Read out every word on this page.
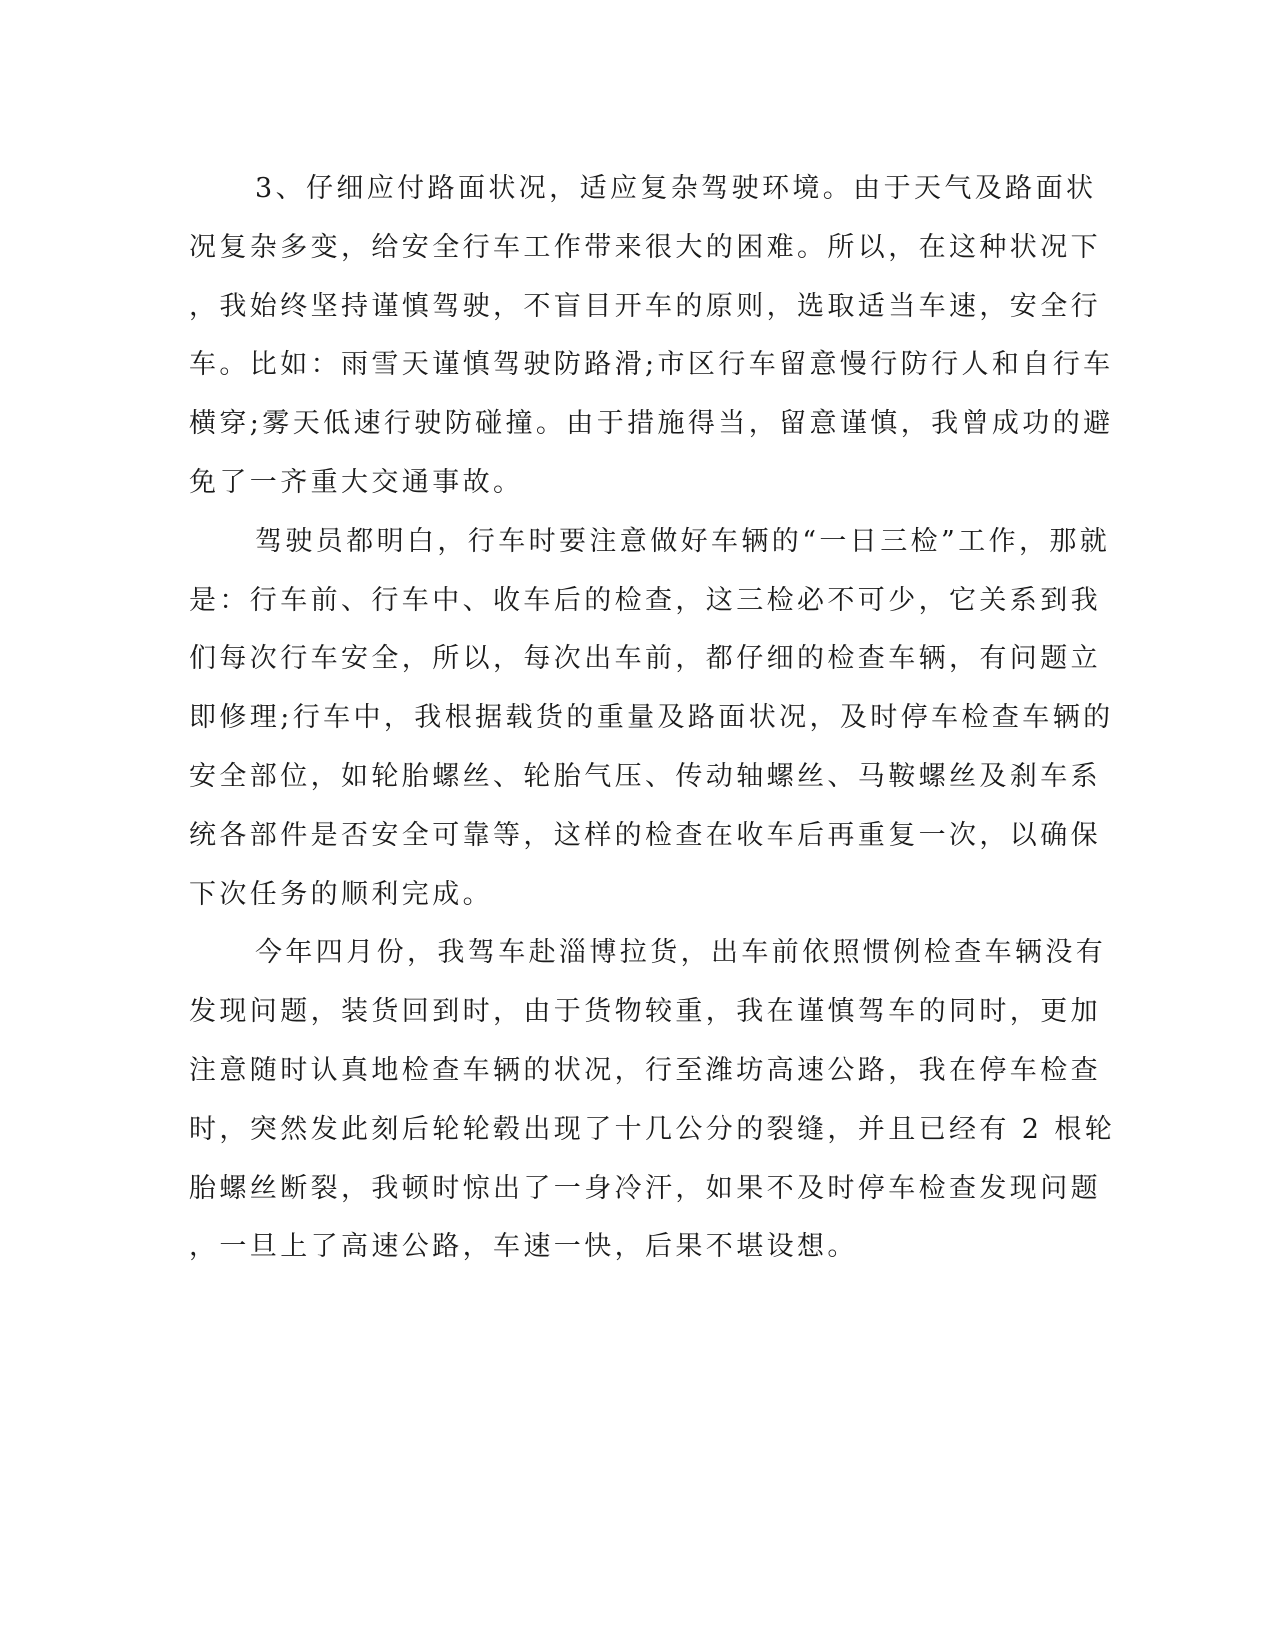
3、仔细应付路面状况，适应复杂驾驶环境。由于天气及路面状
况复杂多变，给安全行车工作带来很大的困难。所以，在这种状况下
，我始终坚持谨慎驾驶，不盲目开车的原则，选取适当车速，安全行
车。比如：雨雪天谨慎驾驶防路滑;市区行车留意慢行防行人和自行车
横穿;雾天低速行驶防碰撞。由于措施得当，留意谨慎，我曾成功的避
免了一齐重大交通事故。
驾驶员都明白，行车时要注意做好车辆的“一日三检”工作，那就
是：行车前、行车中、收车后的检查，这三检必不可少，它关系到我
们每次行车安全，所以，每次出车前，都仔细的检查车辆，有问题立
即修理;行车中，我根据载货的重量及路面状况，及时停车检查车辆的
安全部位，如轮胎螺丝、轮胎气压、传动轴螺丝、马鞍螺丝及刹车系
统各部件是否安全可靠等，这样的检查在收车后再重复一次，以确保
下次任务的顺利完成。
今年四月份，我驾车赴淄博拉货，出车前依照惯例检查车辆没有
发现问题，装货回到时，由于货物较重，我在谨慎驾车的同时，更加
注意随时认真地检查车辆的状况，行至潍坊高速公路，我在停车检查
时，突然发此刻后轮轮毂出现了十几公分的裂缝，并且已经有 2 根轮
胎螺丝断裂，我顿时惊出了一身冷汗，如果不及时停车检查发现问题
，一旦上了高速公路，车速一快，后果不堪设想。
